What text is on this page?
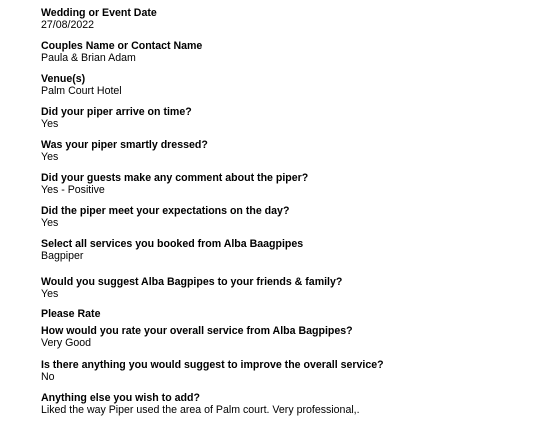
Wedding or Event Date
27/08/2022
Couples Name or Contact Name
Paula & Brian Adam
Venue(s)
Palm Court Hotel
Did your piper arrive on time?
Yes
Was your piper smartly dressed?
Yes
Did your guests make any comment about the piper?
Yes - Positive
Did the piper meet your expectations on the day?
Yes
Select all services you booked from Alba Baagpipes
Bagpiper
Would you suggest Alba Bagpipes to your friends & family?
Yes
Please Rate
How would you rate your overall service from Alba Bagpipes?
Very Good
Is there anything you would suggest to improve the overall service?
No
Anything else you wish to add?
Liked the way Piper used the area of Palm court. Very professional,.
